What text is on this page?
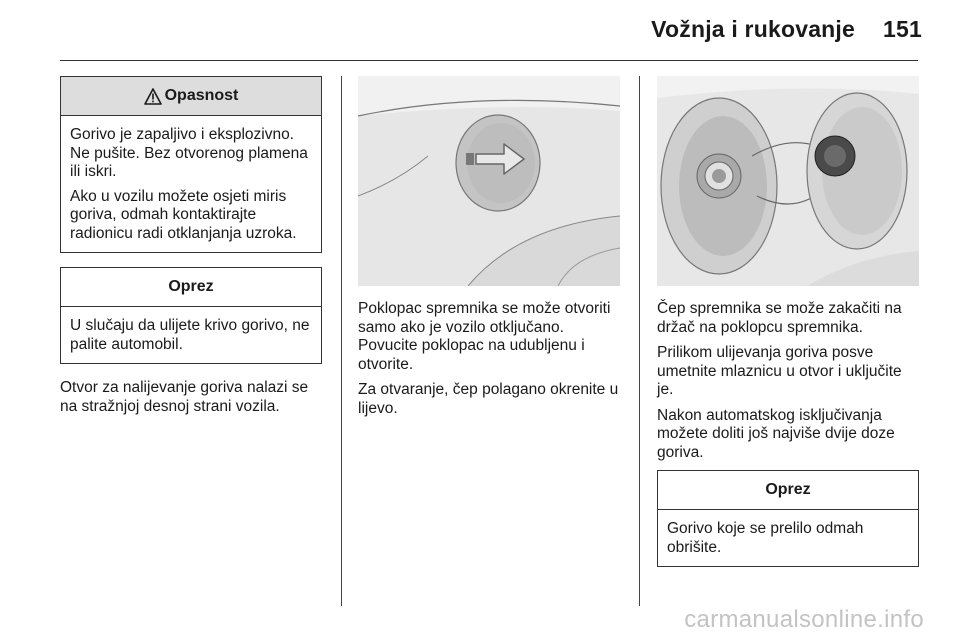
Vožnja i rukovanje 151
Opasnost

Gorivo je zapaljivo i eksplozivno. Ne pušite. Bez otvorenog plamena ili iskri.

Ako u vozilu možete osjeti miris goriva, odmah kontaktirajte radionicu radi otklanjanja uzroka.

Oprez

U slučaju da ulijete krivo gorivo, ne palite automobil.

Otvor za nalijevanje goriva nalazi se na stražnjoj desnoj strani vozila.

Poklopac spremnika se može otvoriti samo ako je vozilo otključano. Povucite poklopac na udubljenu i otvorite.

Za otvaranje, čep polagano okrenite u lijevo.

Čep spremnika se može zakačiti na držač na poklopcu spremnika.

Prilikom ulijevanja goriva posve umetnite mlaznicu u otvor i uključite je.

Nakon automatskog isključivanja možete doliti još najviše dvije doze goriva.

Oprez

Gorivo koje se prelilo odmah obrišite.

carmanualsonline.info
